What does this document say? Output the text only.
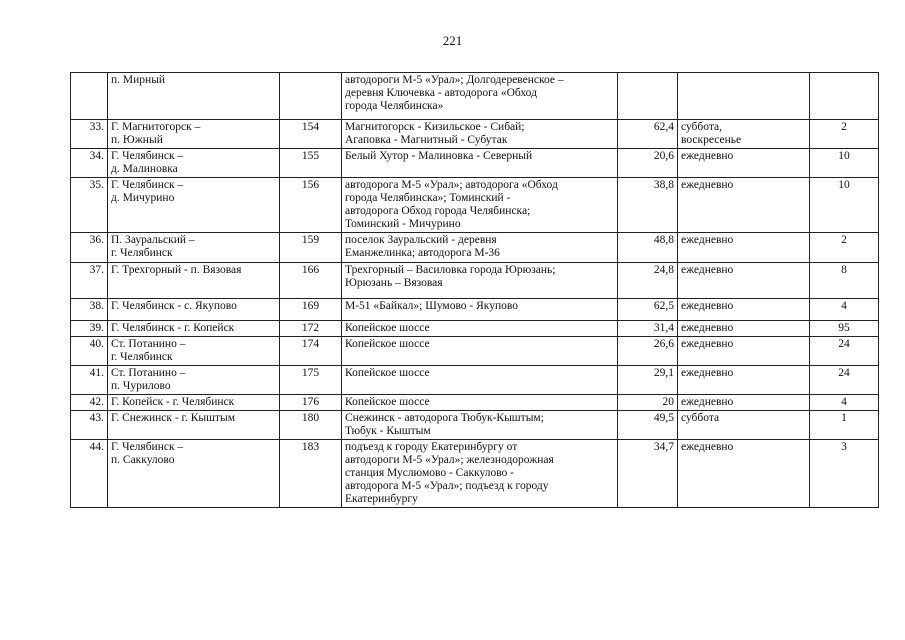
221

	п. Мирный		автодороги М-5 «Урал»; Долгодеревенское –
деревня Ключевка - автодорога «Обход
города Челябинска»			

33.	Г. Магнитогорск –
п. Южный	154	Магнитогорск - Кизильское - Сибай;
Агаповка - Магнитный - Субутак	62,4	суббота,
воскресенье	2
34.	Г. Челябинск –
д. Малиновка	155	Белый Хутор - Малиновка - Северный	20,6	ежедневно	10
35.	Г. Челябинск –
д. Мичурино	156	автодорога М-5 «Урал»; автодорога «Обход
города Челябинска»; Томинский -
автодорога Обход города Челябинска;
Томинский - Мичурино	38,8	ежедневно	10
36.	П. Зауральский –
г. Челябинск	159	поселок Зауральский - деревня
Еманжелинка; автодорога М-36	48,8	ежедневно	2
37.	Г. Трехгорный - п. Вязовая	166	Трехгорный – Василовка города Юрюзань;
Юрюзань – Вязовая	24,8	ежедневно	8
38.	Г. Челябинск - с. Якупово	169	М-51 «Байкал»; Шумово - Якупово	62,5	ежедневно	4
39.	Г. Челябинск - г. Копейск	172	Копейское шоссе	31,4	ежедневно	95
40.	Ст. Потанино –
г. Челябинск	174	Копейское шоссе	26,6	ежедневно	24
41.	Ст. Потанино –
п. Чурилово	175	Копейское шоссе	29,1	ежедневно	24
42.	Г. Копейск - г. Челябинск	176	Копейское шоссе	20	ежедневно	4
43.	Г. Снежинск - г. Кыштым	180	Снежинск - автодорога Тюбук-Кыштым;
Тюбук - Кыштым	49,5	суббота	1
44.	Г. Челябинск –
п. Саккулово	183	подъезд к городу Екатеринбургу от
автодороги М-5 «Урал»; железнодорожная
станция Муслюмово - Саккулово -
автодорога М-5 «Урал»; подъезд к городу
Екатеринбургу	34,7	ежедневно	3
